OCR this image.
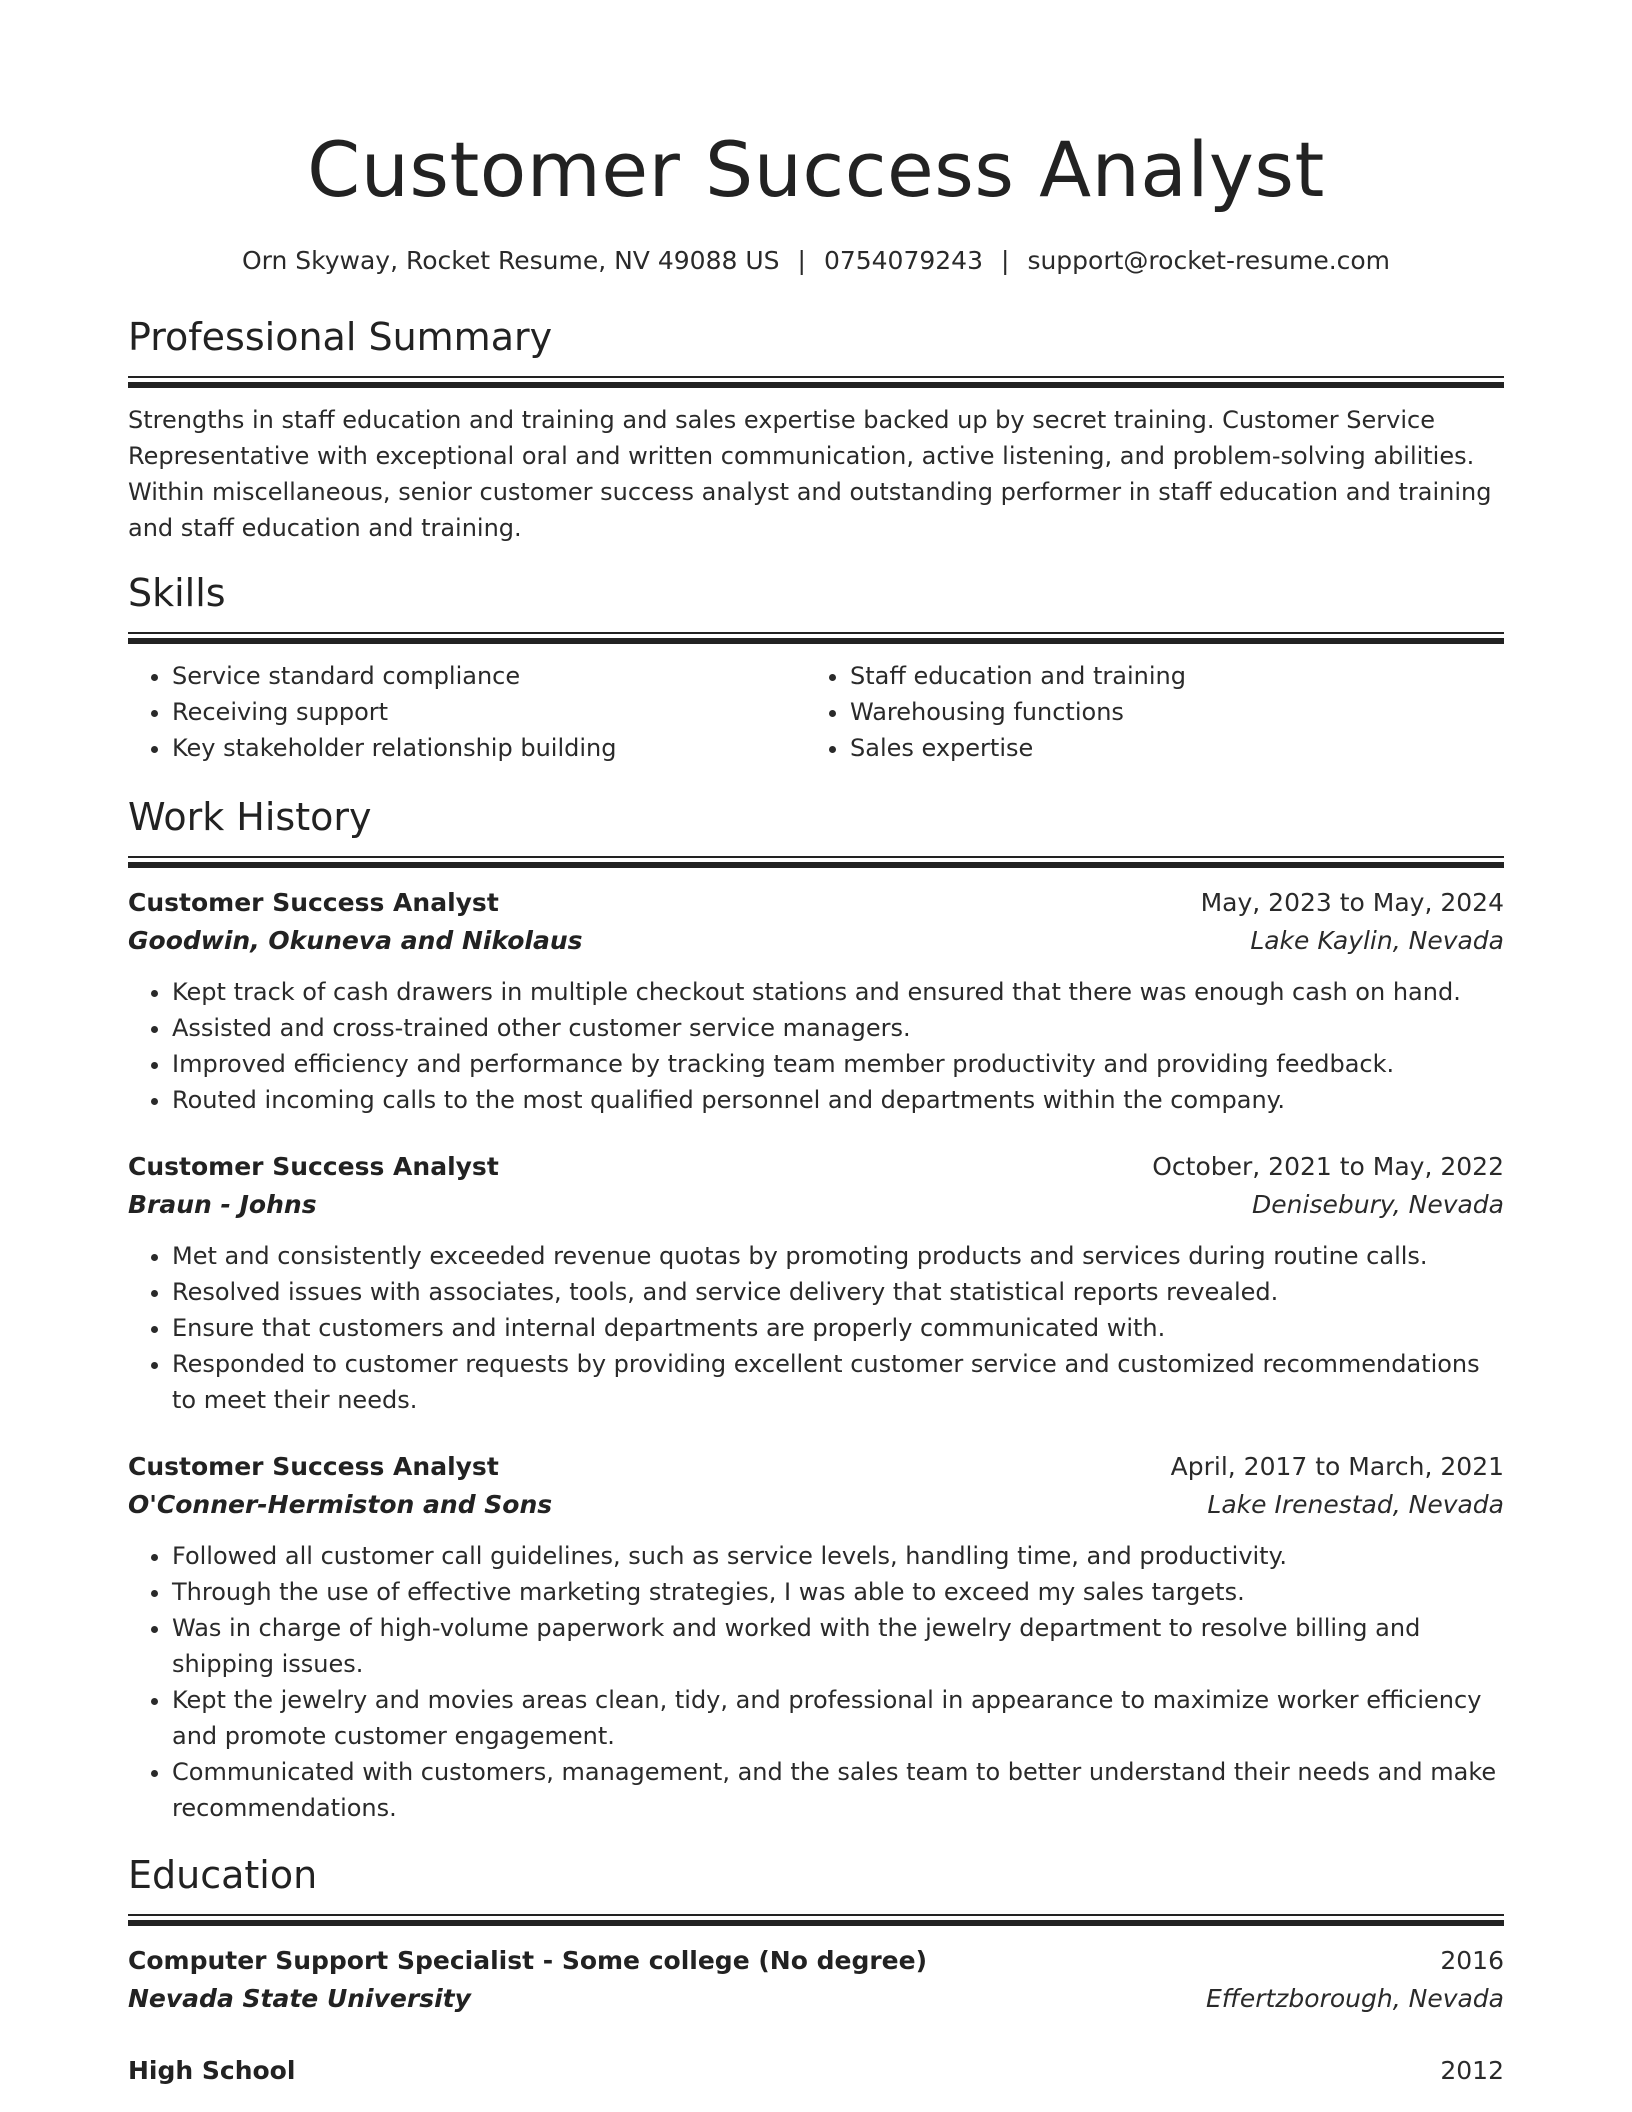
Customer Success Analyst
Orn Skyway, Rocket Resume, NV 49088 US | 0754079243 | support@rocket-resume.com
Professional Summary

Strengths in staff education and training and sales expertise backed up by secret training. Customer Service Representative with exceptional oral and written communication, active listening, and problem-solving abilities. Within miscellaneous, senior customer success analyst and outstanding performer in staff education and training and staff education and training.

Skills
• Service standard compliance
• Receiving support
• Key stakeholder relationship building
• Staff education and training
• Warehousing functions
• Sales expertise
Work History
Customer Success Analyst	May, 2023 to May, 2024
Goodwin, Okuneva and Nikolaus	Lake Kaylin, Nevada
• Kept track of cash drawers in multiple checkout stations and ensured that there was enough cash on hand.
• Assisted and cross-trained other customer service managers.
• Improved efficiency and performance by tracking team member productivity and providing feedback.
• Routed incoming calls to the most qualified personnel and departments within the company.
Customer Success Analyst	October, 2021 to May, 2022
Braun - Johns	Denisebury, Nevada
• Met and consistently exceeded revenue quotas by promoting products and services during routine calls.
• Resolved issues with associates, tools, and service delivery that statistical reports revealed.
• Ensure that customers and internal departments are properly communicated with.
• Responded to customer requests by providing excellent customer service and customized recommendations to meet their needs.
Customer Success Analyst	April, 2017 to March, 2021
O'Conner-Hermiston and Sons	Lake Irenestad, Nevada
• Followed all customer call guidelines, such as service levels, handling time, and productivity.
• Through the use of effective marketing strategies, I was able to exceed my sales targets.
• Was in charge of high-volume paperwork and worked with the jewelry department to resolve billing and shipping issues.
• Kept the jewelry and movies areas clean, tidy, and professional in appearance to maximize worker efficiency and promote customer engagement.
• Communicated with customers, management, and the sales team to better understand their needs and make recommendations.
Education
Computer Support Specialist - Some college (No degree)	2016
Nevada State University	Effertzborough, Nevada
High School	2012
